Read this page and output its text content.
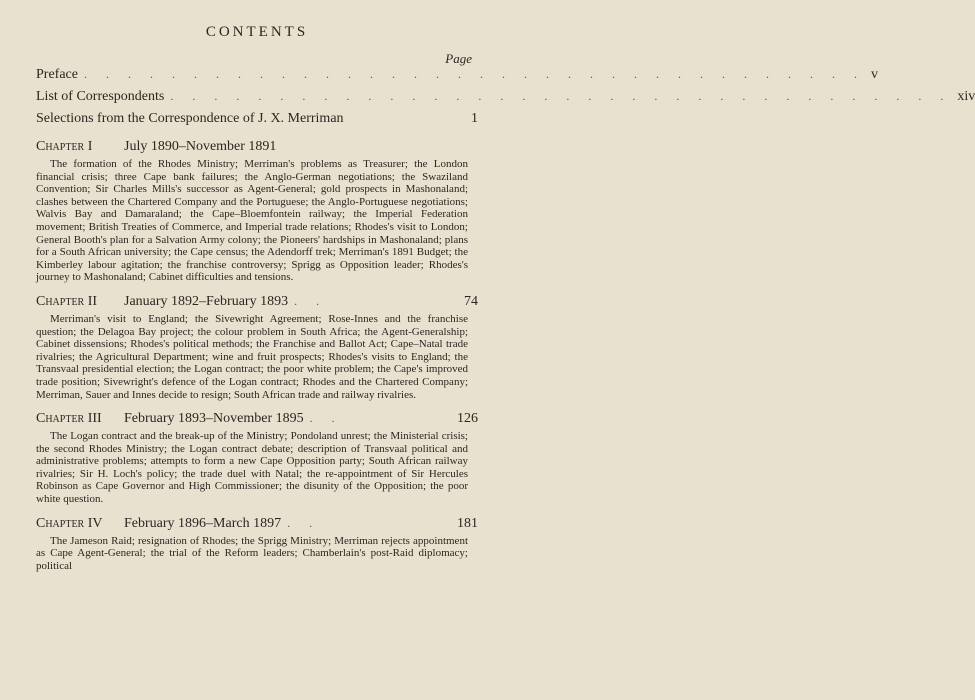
CONTENTS
Page
Preface . . . . . . . . . . . . . . . . . . . . . . . . . . . . . . . . . . . . v
List of Correspondents . . . . . . . . . . . . . . . . . . . . . . . . . . . . . . . . . . . . xiv
Selections from the Correspondence of J. X. Merriman	1
Chapter I	July 1890–November 1891
The formation of the Rhodes Ministry; Merriman's problems as Treasurer; the London financial crisis; three Cape bank failures; the Anglo-German negotiations; the Swaziland Convention; Sir Charles Mills's successor as Agent-General; gold prospects in Mashonaland; clashes between the Chartered Company and the Portuguese; the Anglo-Portuguese negotiations; Walvis Bay and Damaraland; the Cape–Bloemfontein railway; the Imperial Federation movement; British Treaties of Commerce, and Imperial trade relations; Rhodes's visit to London; General Booth's plan for a Salvation Army colony; the Pioneers' hardships in Mashonaland; plans for a South African university; the Cape census; the Adendorff trek; Merriman's 1891 Budget; the Kimberley labour agitation; the franchise controversy; Sprigg as Opposition leader; Rhodes's journey to Mashonaland; Cabinet difficulties and tensions.
Chapter II	January 1892–February 1893 . .	74
Merriman's visit to England; the Sivewright Agreement; Rose-Innes and the franchise question; the Delagoa Bay project; the colour problem in South Africa; the Agent-Generalship; Cabinet dissensions; Rhodes's political methods; the Franchise and Ballot Act; Cape–Natal trade rivalries; the Agricultural Department; wine and fruit prospects; Rhodes's visits to England; the Transvaal presidential election; the Logan contract; the poor white problem; the Cape's improved trade position; Sivewright's defence of the Logan contract; Rhodes and the Chartered Company; Merriman, Sauer and Innes decide to resign; South African trade and railway rivalries.
Chapter III	February 1893–November 1895 . .	126
The Logan contract and the break-up of the Ministry; Pondoland unrest; the Ministerial crisis; the second Rhodes Ministry; the Logan contract debate; description of Transvaal political and administrative problems; attempts to form a new Cape Opposition party; South African railway rivalries; Sir H. Loch's policy; the trade duel with Natal; the re-appointment of Sir Hercules Robinson as Cape Governor and High Commissioner; the disunity of the Opposition; the poor white question.
Chapter IV	February 1896–March 1897 . .	181
The Jameson Raid; resignation of Rhodes; the Sprigg Ministry; Merriman rejects appointment as Cape Agent-General; the trial of the Reform leaders; Chamberlain's post-Raid diplomacy; political
